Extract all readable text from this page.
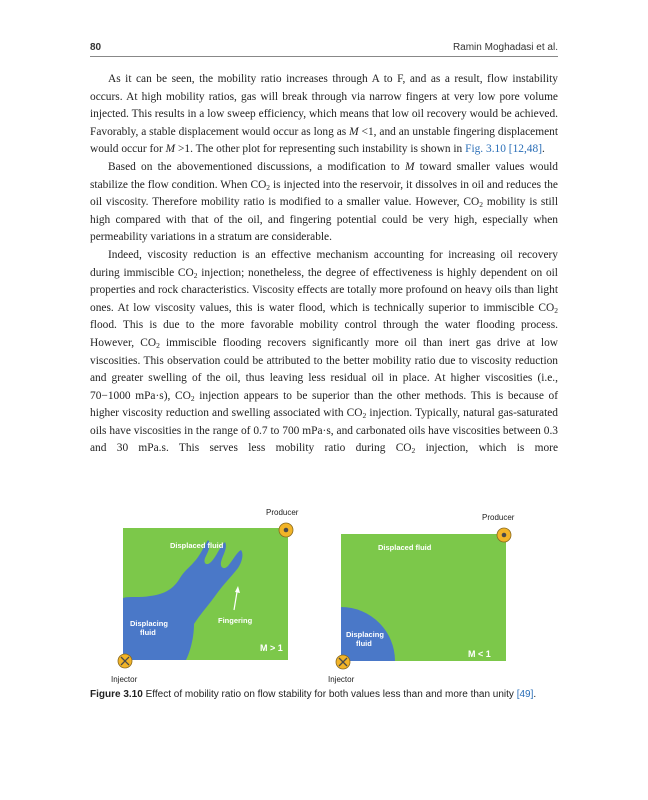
80	Ramin Moghadasi et al.

As it can be seen, the mobility ratio increases through A to F, and as a result, flow instability occurs. At high mobility ratios, gas will break through via narrow fingers at very low pore volume injected. This results in a low sweep efficiency, which means that low oil recovery would be achieved. Favorably, a stable displacement would occur as long as M <1, and an unstable fingering displacement would occur for M >1. The other plot for representing such instability is shown in Fig. 3.10 [12,48].

Based on the abovementioned discussions, a modification to M toward smaller values would stabilize the flow condition. When $CO_2$ is injected into the reservoir, it dissolves in oil and reduces the oil viscosity. Therefore mobility ratio is modified to a smaller value. However, $CO_2$ mobility is still high compared with that of the oil, and fingering potential could be very high, especially when permeability variations in a stratum are considerable.

Indeed, viscosity reduction is an effective mechanism accounting for increasing oil recovery during immiscible $CO_2$ injection; nonetheless, the degree of effectiveness is highly dependent on oil properties and rock characteristics. Viscosity effects are totally more profound on heavy oils than light ones. At low viscosity values, this is water flood, which is technically superior to immiscible $CO_2$ flood. This is due to the more favorable mobility control through the water flooding process. However, $CO_2$ immiscible flooding recovers significantly more oil than inert gas drive at low viscosities. This observation could be attributed to the better mobility ratio due to viscosity reduction and greater swelling of the oil, thus leaving less residual oil in place. At higher viscosities (i.e., 70−1000 mPa·s), $CO_2$ injection appears to be superior than the other methods. This is because of higher viscosity reduction and swelling associated with $CO_2$ injection. Typically, natural gas-saturated oils have viscosities in the range of 0.7 to 700 mPa·s, and carbonated oils have viscosities between 0.3 and 30 mPa.s. This serves less mobility ratio during $CO_2$ injection, which is more

Displaced fluid
Displacing
fluid
Fingering
M > 1
Producer
Injector
Displaced fluid
Displacing
fluid
M < 1
Producer
Injector
Figure 3.10 Effect of mobility ratio on flow stability for both values less than and more than unity [49].
